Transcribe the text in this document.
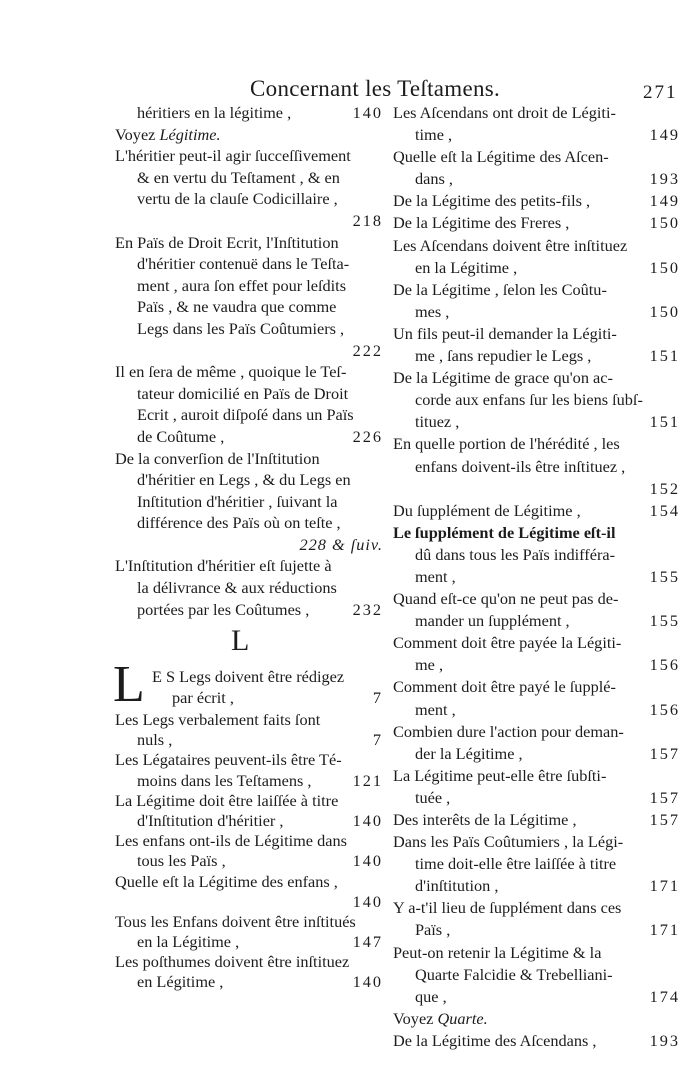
Concernant les Teſtamens.	271
héritiers en la légitime ,	140
Voyez Légitime.
L'héritier peut-il agir ſucceſſivement
& en vertu du Teſtament , & en
vertu de la clauſe Codicillaire ,
218
En Païs de Droit Ecrit, l'Inſtitution
d'héritier contenuë dans le Teſta-
ment , aura ſon effet pour leſdits
Païs , & ne vaudra que comme
Legs dans les Païs Coûtumiers ,
222
Il en ſera de même , quoique le Teſ-
tateur domicilié en Païs de Droit
Ecrit , auroit diſpoſé dans un Païs
de Coûtume ,	226
De la converſion de l'Inſtitution
d'héritier en Legs , & du Legs en
Inſtitution d'héritier , ſuivant la
différence des Païs où on teſte ,
228 & ſuiv.
L'Inſtitution d'héritier eſt ſujette à
la délivrance & aux réductions
portées par les Coûtumes ,	232
L
L E S Legs doivent être rédigez
par écrit ,	7
Les Legs verbalement faits ſont
nuls ,	7
Les Légataires peuvent-ils être Té-
moins dans les Teſtamens ,	121
La Légitime doit être laiſſée à titre
d'Inſtitution d'héritier ,	140
Les enfans ont-ils de Légitime dans
tous les Païs ,	140
Quelle eſt la Légitime des enfans ,
140
Tous les Enfans doivent être inſtitués
en la Légitime ,	147
Les poſthumes doivent être inſtituez
en Légitime ,	140
Les Aſcendans ont droit de Légiti-
time ,	149
Quelle eſt la Légitime des Aſcen-
dans ,	193
De la Légitime des petits-fils ,	149
De la Légitime des Freres ,	150
Les Aſcendans doivent être inſtituez
en la Légitime ,	150
De la Légitime , ſelon les Coûtu-
mes ,	150
Un fils peut-il demander la Légiti-
me , ſans repudier le Legs ,	151
De la Légitime de grace qu'on ac-
corde aux enfans ſur les biens ſubſ-
tituez ,	151
En quelle portion de l'hérédité , les
enfans doivent-ils être inſtituez ,
152
Du ſupplément de Légitime ,	154
Le ſupplément de Légitime eſt-il
dû dans tous les Païs indifféra-
ment ,	155
Quand eſt-ce qu'on ne peut pas de-
mander un ſupplément ,	155
Comment doit être payée la Légiti-
me ,	156
Comment doit être payé le ſupplé-
ment ,	156
Combien dure l'action pour deman-
der la Légitime ,	157
La Légitime peut-elle être ſubſti-
tuée ,	157
Des interêts de la Légitime ,	157
Dans les Païs Coûtumiers , la Légi-
time doit-elle être laiſſée à titre
d'inſtitution ,	171
Y a-t'il lieu de ſupplément dans ces
Païs ,	171
Peut-on retenir la Légitime & la
Quarte Falcidie & Trebelliani-
que ,	174
Voyez Quarte.
De la Légitime des Aſcendans ,	193
